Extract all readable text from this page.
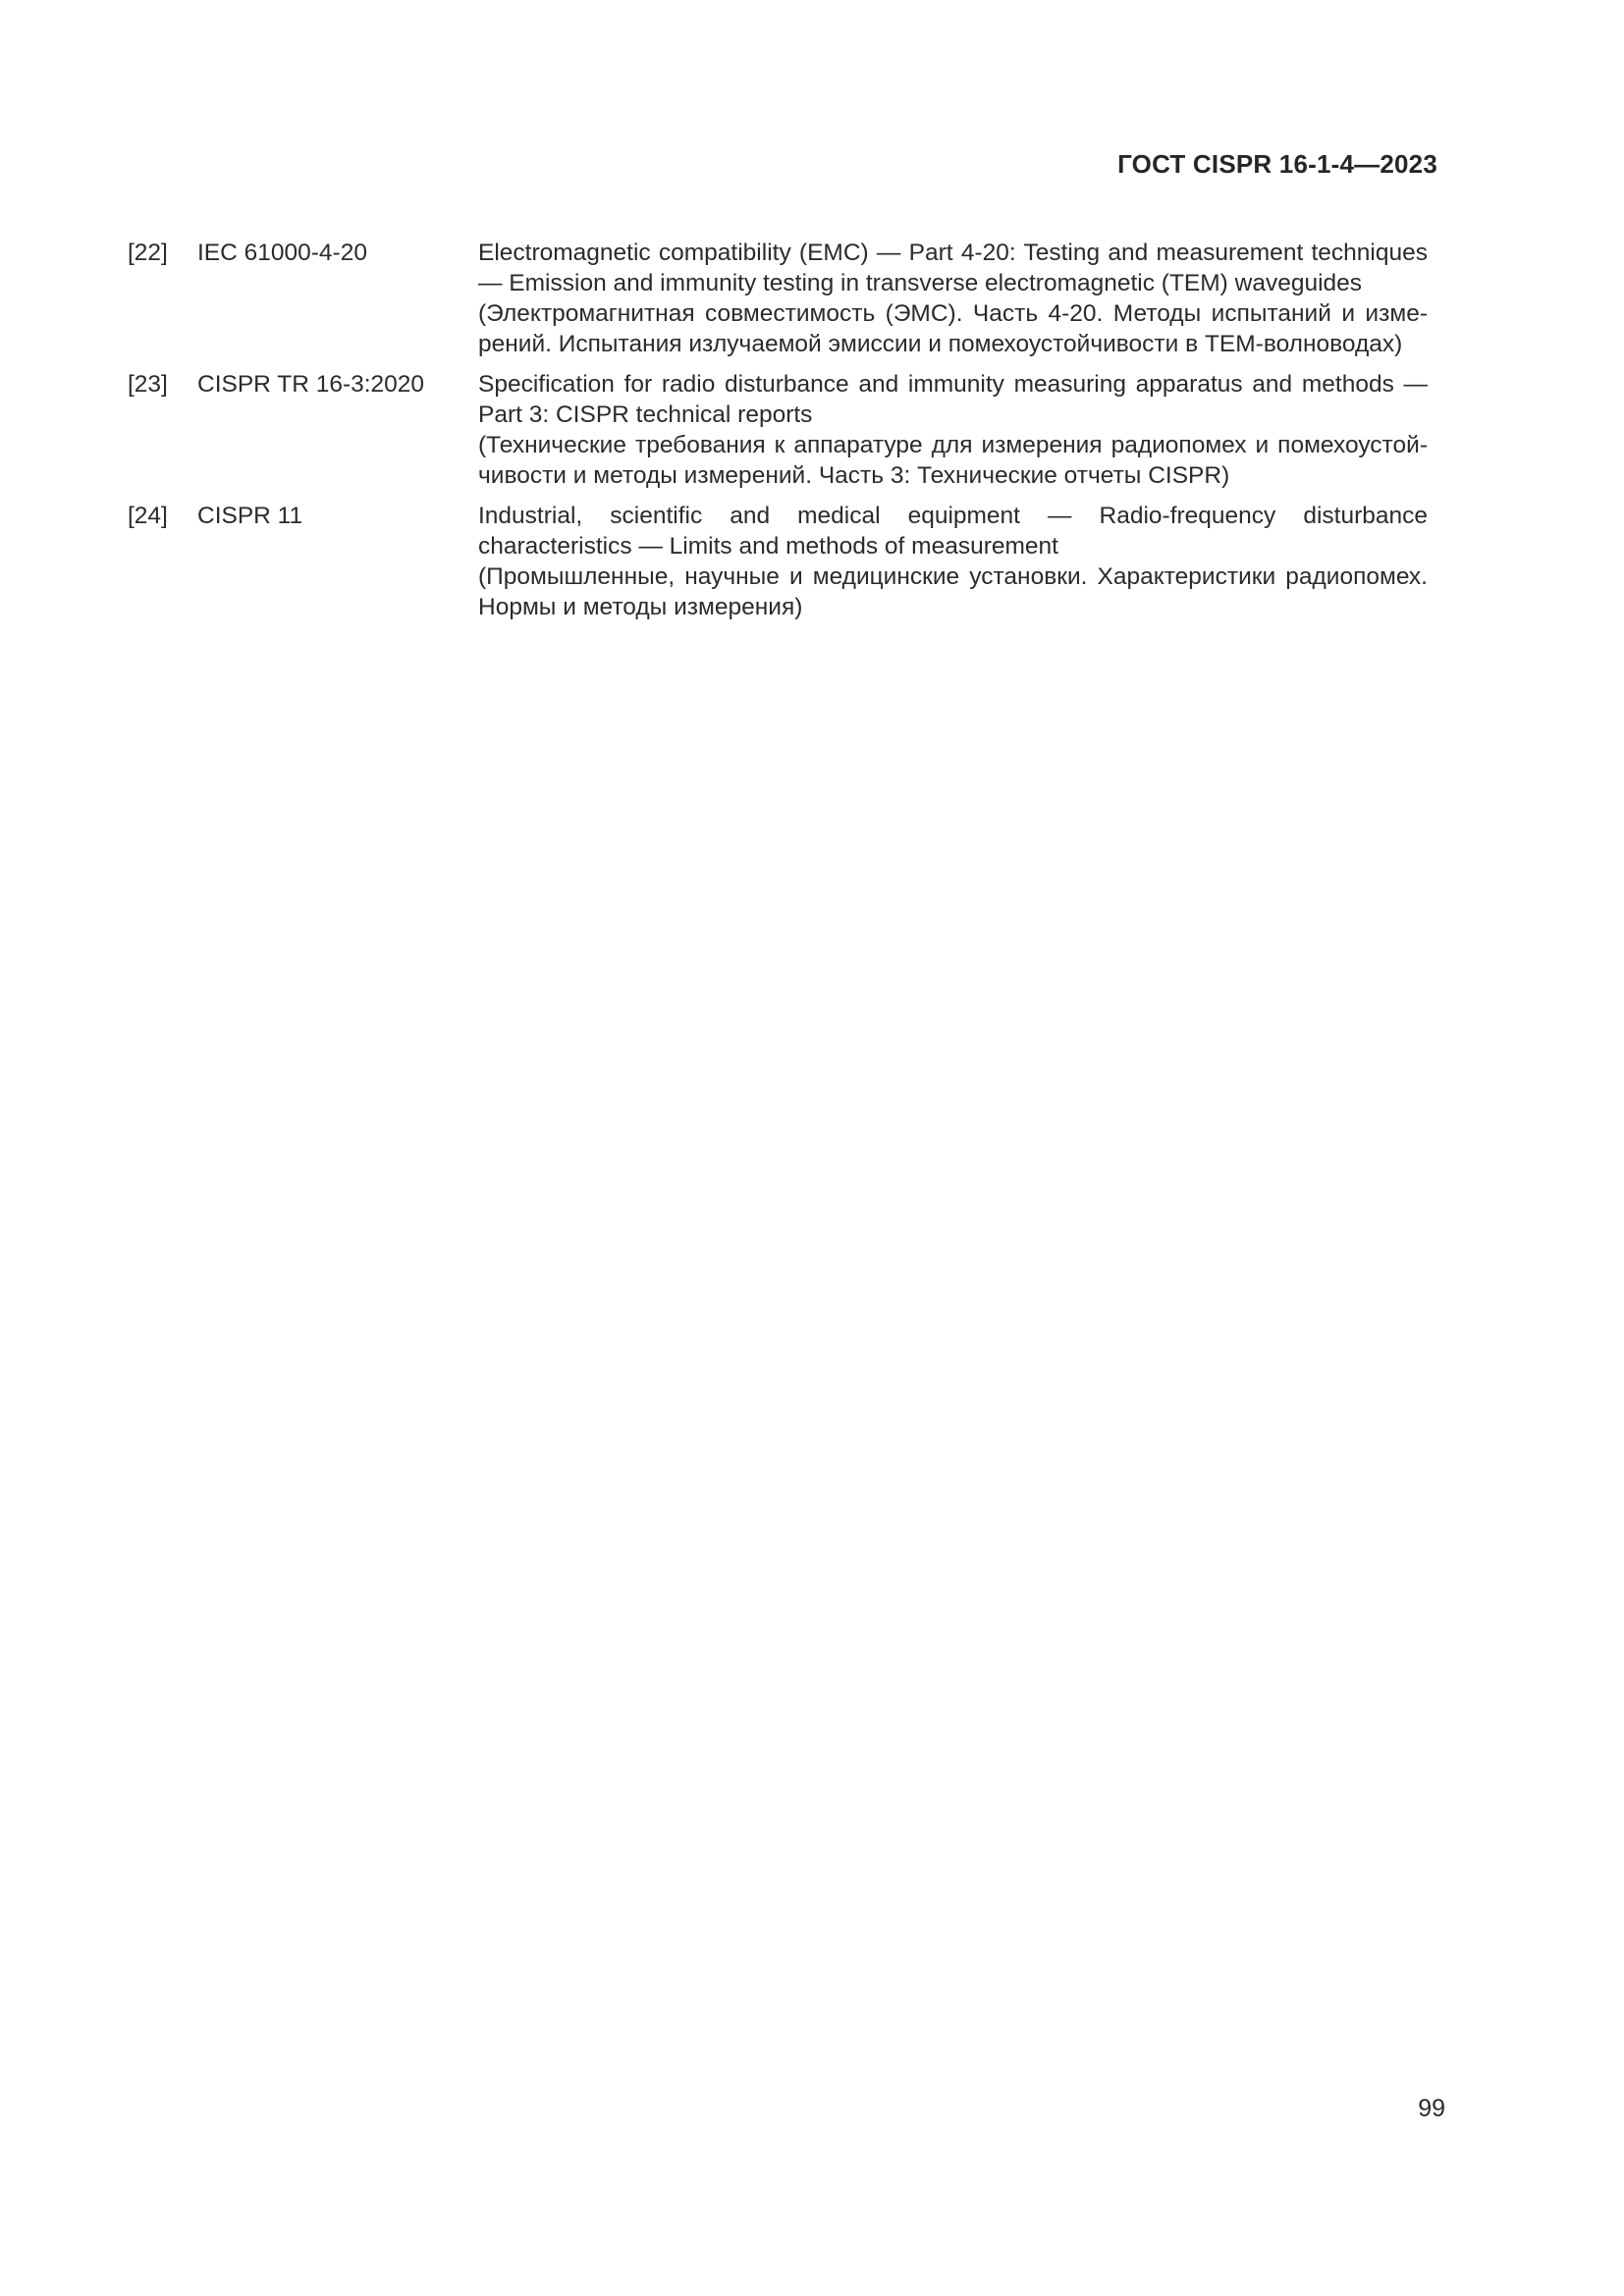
ГОСТ CISPR 16-1-4—2023
[22]	IEC 61000-4-20	Electromagnetic compatibility (EMC) — Part 4-20: Testing and measurement techniques — Emission and immunity testing in transverse electromagnetic (TEM) waveguides

(Электромагнитная совместимость (ЭМС). Часть 4-20. Методы испытаний и измерений. Испытания излучаемой эмиссии и помехоустойчивости в ТЕМ-волноводах)

[23]	CISPR TR 16-3:2020	Specification for radio disturbance and immunity measuring apparatus and methods — Part 3: CISPR technical reports

(Технические требования к аппаратуре для измерения радиопомех и помехоустойчивости и методы измерений. Часть 3: Технические отчеты CISPR)

[24]	CISPR 11	Industrial, scientific and medical equipment — Radio-frequency disturbance characteristics — Limits and methods of measurement

(Промышленные, научные и медицинские установки. Характеристики радиопомех. Нормы и методы измерения)

99
